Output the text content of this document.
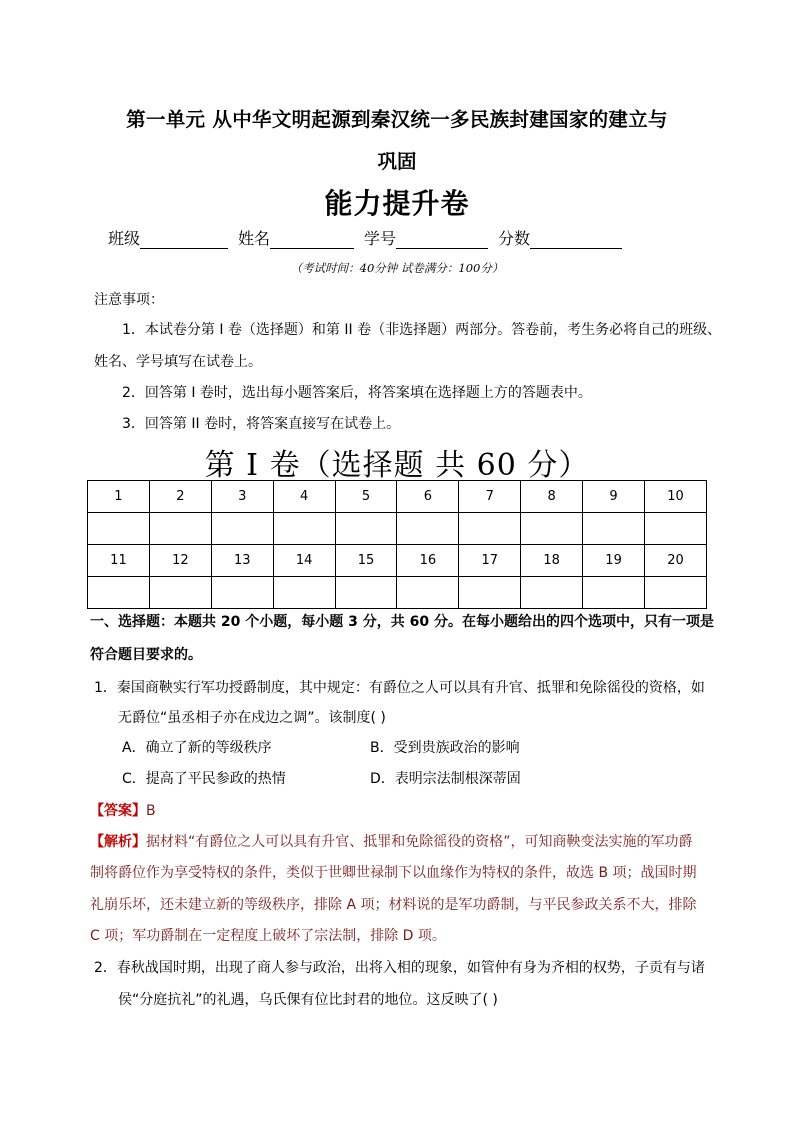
第一单元 从中华文明起源到秦汉统一多民族封建国家的建立与
巩固
能力提升卷
班级	姓名	学号	分数
（考试时间：40分钟 试卷满分：100分）
注意事项：
1．本试卷分第 I 卷（选择题）和第 II 卷（非选择题）两部分。答卷前，考生务必将自己的班级、
姓名、学号填写在试卷上。
2．回答第 I 卷时，选出每小题答案后，将答案填在选择题上方的答题表中。
3．回答第 II 卷时，将答案直接写在试卷上。
第 I 卷（选择题 共 60 分）
1	2	3	4	5	6	7	8	9	10

11	12	13	14	15	16	17	18	19	20

一、选择题：本题共 20 个小题，每小题 3 分，共 60 分。在每小题给出的四个选项中，只有一项是
符合题目要求的。
1．秦国商鞅实行军功授爵制度，其中规定：有爵位之人可以具有升官、抵罪和免除徭役的资格，如
无爵位“虽丞相子亦在戍边之调”。该制度( )
A．确立了新的等级秩序	B．受到贵族政治的影响
C．提高了平民参政的热情	D．表明宗法制根深蒂固
【答案】B
【解析】据材料“有爵位之人可以具有升官、抵罪和免除徭役的资格”，可知商鞅变法实施的军功爵
制将爵位作为享受特权的条件，类似于世卿世禄制下以血缘作为特权的条件，故选 B 项；战国时期
礼崩乐坏，还未建立新的等级秩序，排除 A 项；材料说的是军功爵制，与平民参政关系不大，排除
C 项；军功爵制在一定程度上破坏了宗法制，排除 D 项。
2．春秋战国时期，出现了商人参与政治，出将入相的现象，如管仲有身为齐相的权势，子贡有与诸
侯“分庭抗礼”的礼遇，乌氏倮有位比封君的地位。这反映了( )
